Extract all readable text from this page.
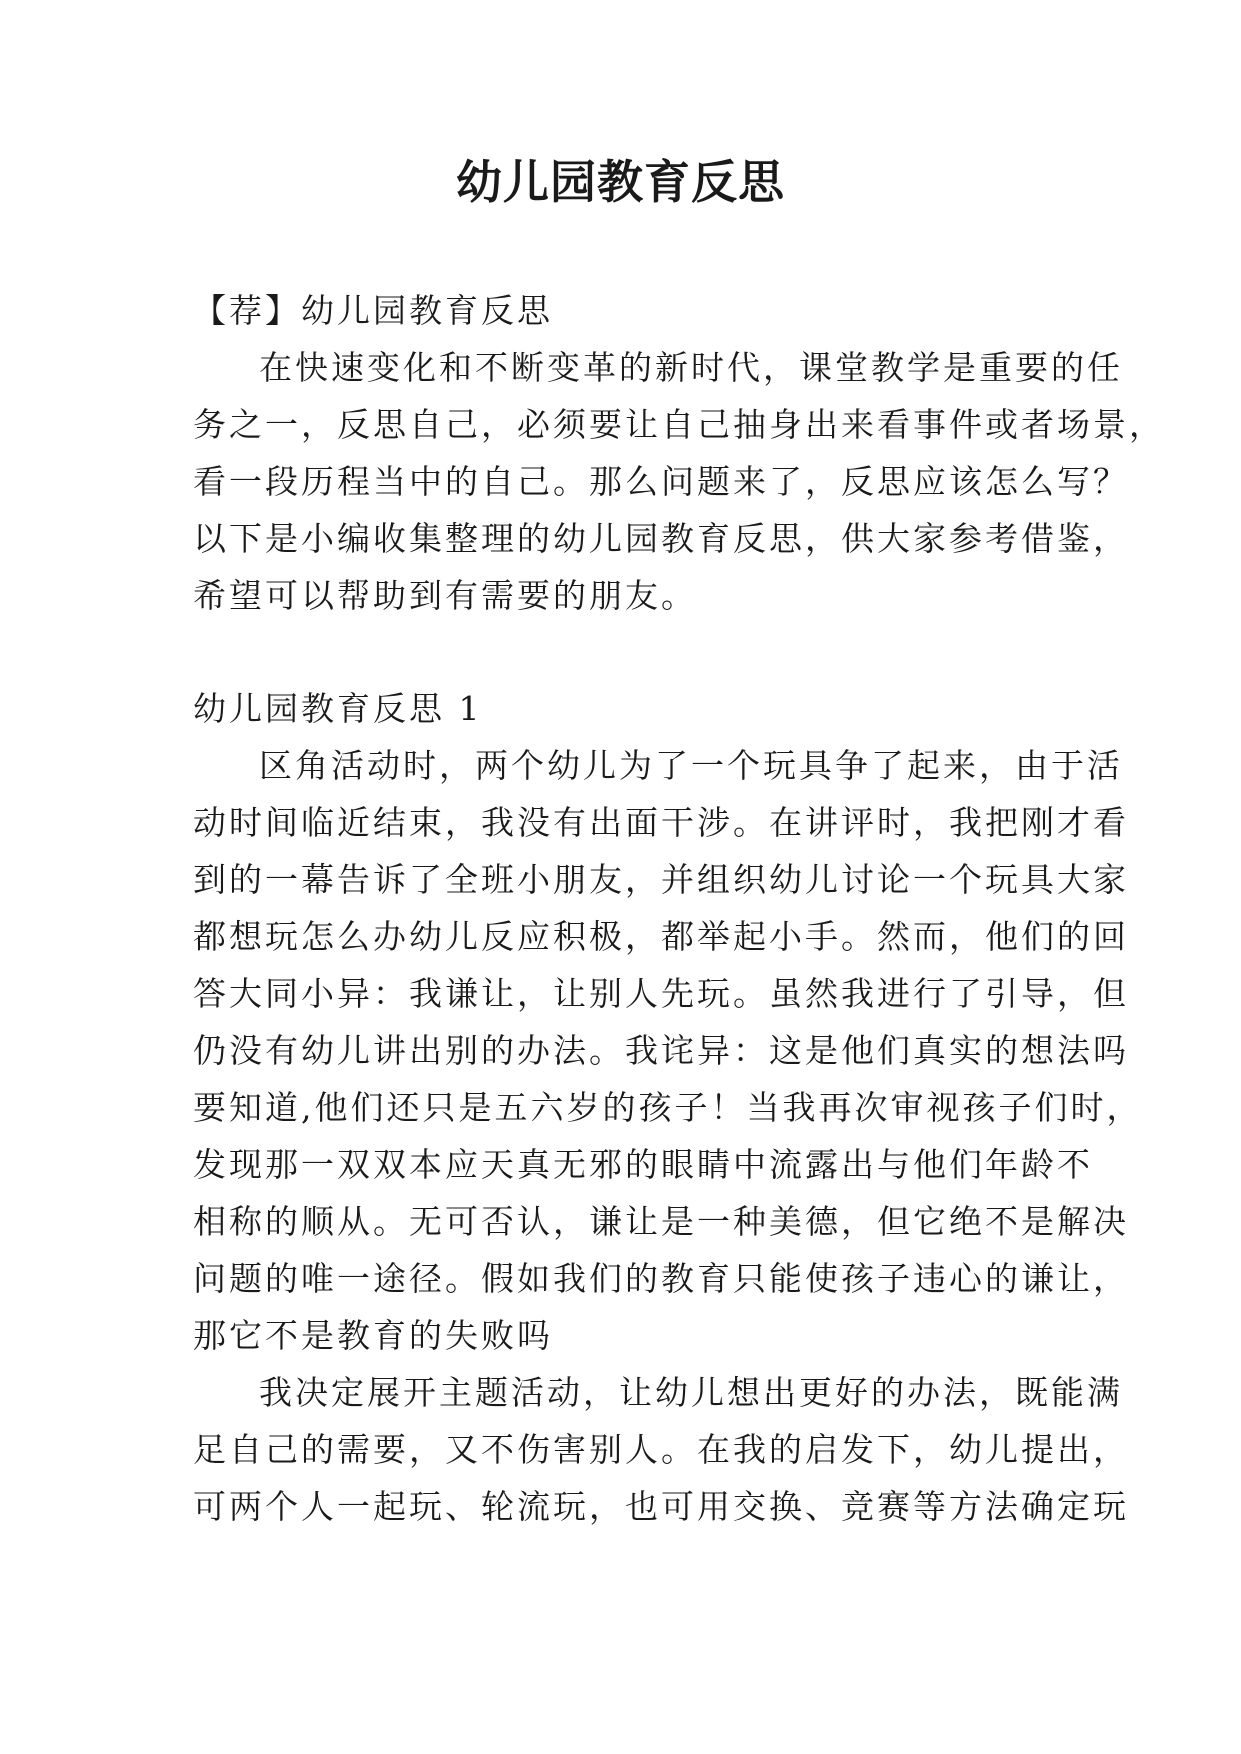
幼儿园教育反思
【荐】幼儿园教育反思
在快速变化和不断变革的新时代，课堂教学是重要的任
务之一，反思自己，必须要让自己抽身出来看事件或者场景，
看一段历程当中的自己。那么问题来了，反思应该怎么写？
以下是小编收集整理的幼儿园教育反思，供大家参考借鉴，
希望可以帮助到有需要的朋友。
幼儿园教育反思 1
区角活动时，两个幼儿为了一个玩具争了起来，由于活
动时间临近结束，我没有出面干涉。在讲评时，我把刚才看
到的一幕告诉了全班小朋友，并组织幼儿讨论一个玩具大家
都想玩怎么办幼儿反应积极，都举起小手。然而，他们的回
答大同小异：我谦让，让别人先玩。虽然我进行了引导，但
仍没有幼儿讲出别的办法。我诧异：这是他们真实的想法吗
要知道,他们还只是五六岁的孩子！当我再次审视孩子们时，
发现那一双双本应天真无邪的眼睛中流露出与他们年龄不
相称的顺从。无可否认，谦让是一种美德，但它绝不是解决
问题的唯一途径。假如我们的教育只能使孩子违心的谦让，
那它不是教育的失败吗
我决定展开主题活动，让幼儿想出更好的办法，既能满
足自己的需要，又不伤害别人。在我的启发下，幼儿提出，
可两个人一起玩、轮流玩，也可用交换、竞赛等方法确定玩
